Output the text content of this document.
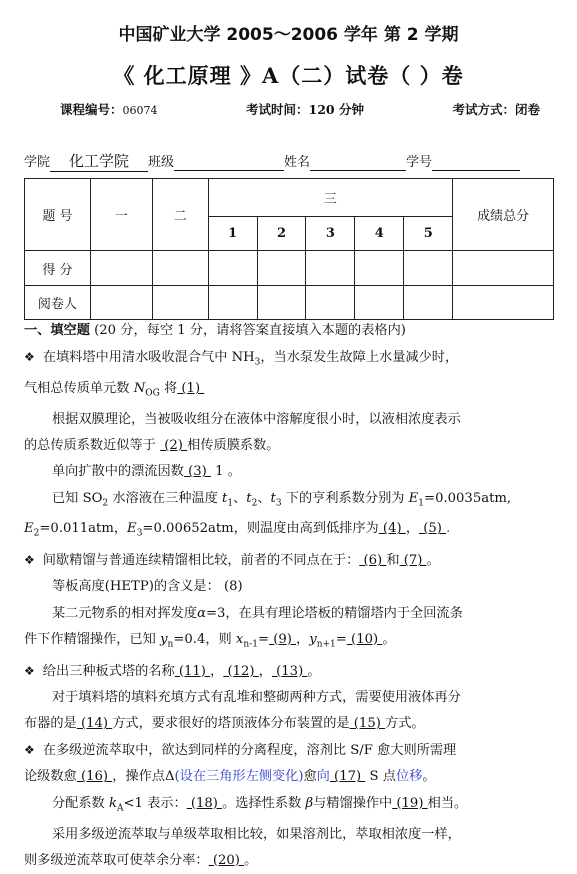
中国矿业大学 2005～2006 学年 第 2 学期
《 化工原理 》A（二）试卷（ ）卷
课程编号：06074	考试时间：120 分钟	考试方式：闭卷
学院 化工学院 班级	姓名	学号
题 号	一	二	三					成绩总分
			1	2	3	4	5	
得 分								
阅卷人								

一、填空题 (20 分，每空 1 分，请将答案直接填入本题的表格内)

❖ 在填料塔中用清水吸收混合气中 $NH_3$，当水泵发生故障上水量减少时，

气相总传质单元数 $N_{OG}$ 将 (1)

根据双膜理论，当被吸收组分在液体中溶解度很小时，以液相浓度表示

的总传质系数近似等于  (2) 相传质膜系数。

单向扩散中的漂流因数 (3)  1 。

已知 $SO_2$ 水溶液在三种温度 $t_1$、$t_2$、$t_3$ 下的亨利系数分别为 $E_1=0.0035atm$,

$E_2=0.011atm$，$E_3=0.00652atm$，则温度由高到低排序为 (4) ， (5) .

❖ 间歇精馏与普通连续精馏相比较，前者的不同点在于： (6) 和 (7) 。

等板高度(HETP)的含义是： (8)

某二元物系的相对挥发度α=3，在具有理论塔板的精馏塔内于全回流条

件下作精馏操作，已知 $y_n=0.4$，则 $x_{n-1}= (9)$ ，$y_{n+1}= (10)$ 。

❖ 给出三种板式塔的名称 (11) ， (12) ， (13) 。

对于填料塔的填料充填方式有乱堆和整砌两种方式，需要使用液体再分

布器的是 (14) 方式，要求很好的塔顶液体分布装置的是 (15) 方式。

❖ 在多级逆流萃取中，欲达到同样的分离程度，溶剂比 S/F 愈大则所需理

论级数愈 (16) ，操作点Δ(设在三角形左侧变化)愈向 (17)  S 点位移。

分配系数 $k_A<1$ 表示： (18) 。选择性系数 β与精馏操作中 (19) 相当。

采用多级逆流萃取与单级萃取相比较，如果溶剂比，萃取相浓度一样，

则多级逆流萃取可使萃余分率： (20) 。
